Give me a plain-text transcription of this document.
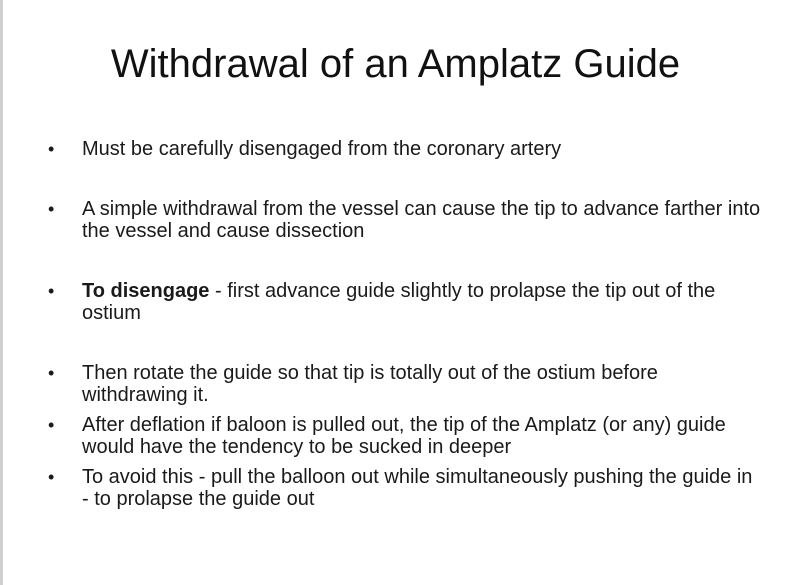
Withdrawal of an Amplatz Guide
•	Must be carefully disengaged from the coronary artery
•	A simple withdrawal from the vessel can cause the tip to advance farther into the vessel and cause dissection
•	To disengage - first advance guide slightly to prolapse the tip out of the ostium
•	Then rotate the guide so that tip is totally out of the ostium before withdrawing it.
•	After deflation if baloon is pulled out, the tip of the Amplatz (or any) guide would have the tendency to be sucked in deeper
•	To avoid this - pull the balloon out while simultaneously pushing the guide in - to prolapse the guide out
